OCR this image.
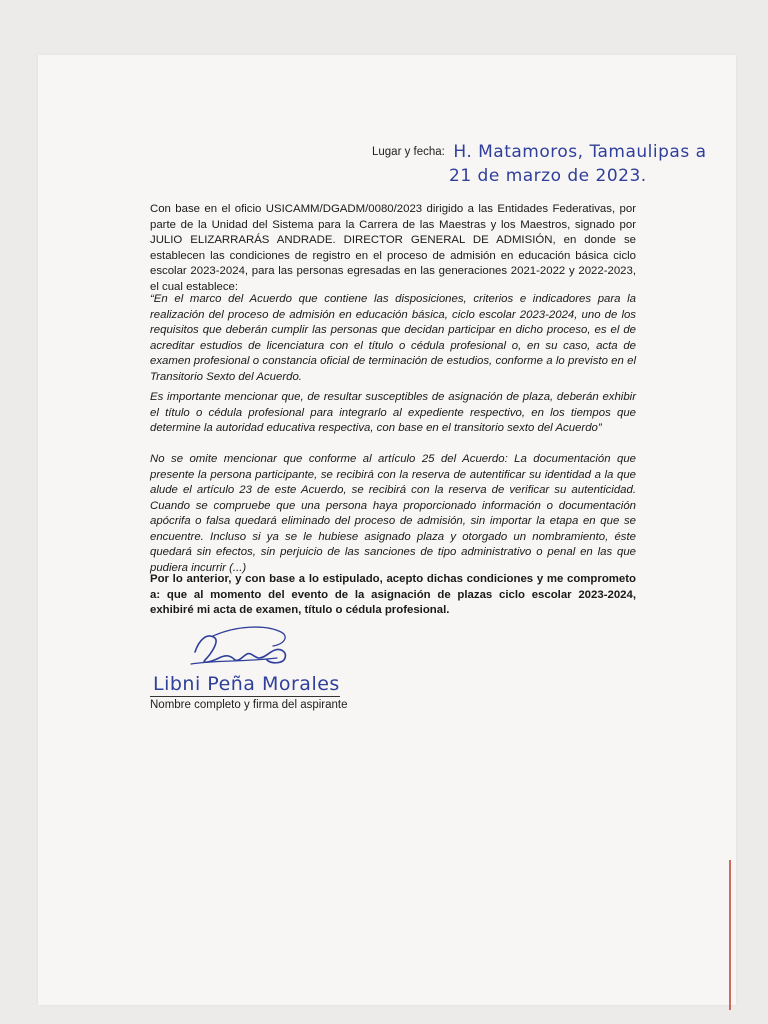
Lugar y fecha: H. Matamoros, Tamaulipas a
21 de marzo de 2023.
Con base en el oficio USICAMM/DGADM/0080/2023 dirigido a las Entidades Federativas, por parte de la Unidad del Sistema para la Carrera de las Maestras y los Maestros, signado por JULIO ELIZARRARÁS ANDRADE. DIRECTOR GENERAL DE ADMISIÓN, en donde se establecen las condiciones de registro en el proceso de admisión en educación básica ciclo escolar 2023-2024, para las personas egresadas en las generaciones 2021-2022 y 2022-2023, el cual establece:
“En el marco del Acuerdo que contiene las disposiciones, criterios e indicadores para la realización del proceso de admisión en educación básica, ciclo escolar 2023-2024, uno de los requisitos que deberán cumplir las personas que decidan participar en dicho proceso, es el de acreditar estudios de licenciatura con el título o cédula profesional o, en su caso, acta de examen profesional o constancia oficial de terminación de estudios, conforme a lo previsto en el Transitorio Sexto del Acuerdo.
Es importante mencionar que, de resultar susceptibles de asignación de plaza, deberán exhibir el título o cédula profesional para integrarlo al expediente respectivo, en los tiempos que determine la autoridad educativa respectiva, con base en el transitorio sexto del Acuerdo”
No se omite mencionar que conforme al artículo 25 del Acuerdo: La documentación que presente la persona participante, se recibirá con la reserva de autentificar su identidad a la que alude el artículo 23 de este Acuerdo, se recibirá con la reserva de verificar su autenticidad. Cuando se compruebe que una persona haya proporcionado información o documentación apócrifa o falsa quedará eliminado del proceso de admisión, sin importar la etapa en que se encuentre. Incluso si ya se le hubiese asignado plaza y otorgado un nombramiento, éste quedará sin efectos, sin perjuicio de las sanciones de tipo administrativo o penal en las que pudiera incurrir (...)
Por lo anterior, y con base a lo estipulado, acepto dichas condiciones y me comprometo a: que al momento del evento de la asignación de plazas ciclo escolar 2023-2024, exhibiré mi acta de examen, título o cédula profesional.
Libni Peña Morales
Nombre completo y firma del aspirante
